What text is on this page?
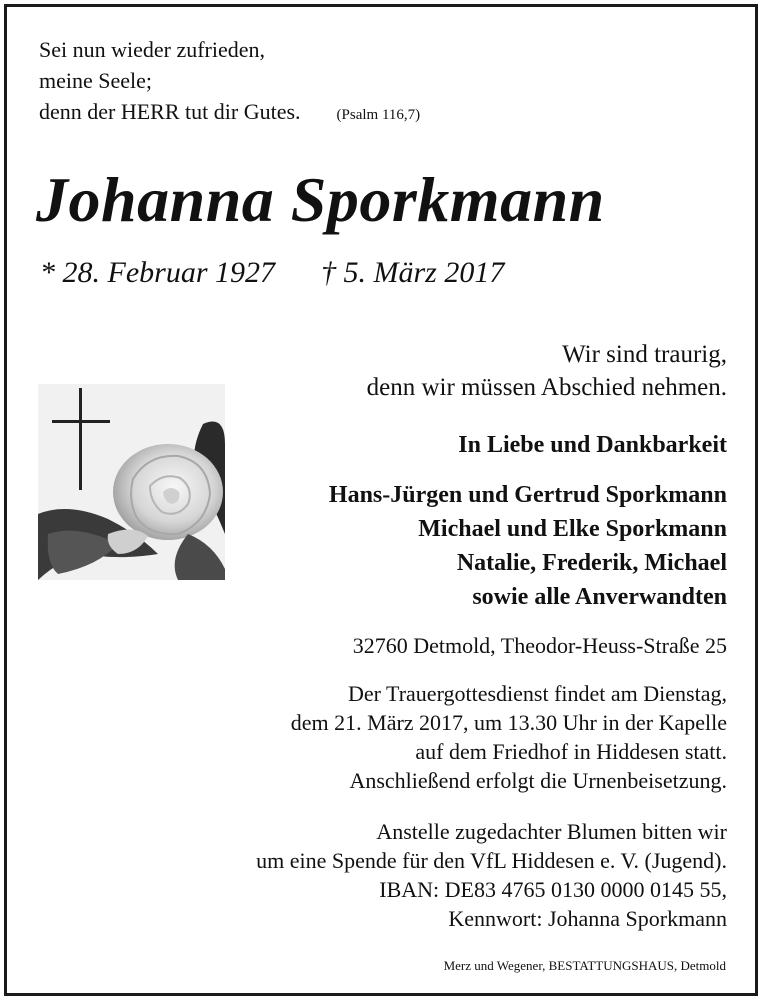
Sei nun wieder zufrieden,
meine Seele;
denn der HERR tut dir Gutes. (Psalm 116,7)
Johanna Sporkmann
* 28. Februar 1927 † 5. März 2017
Wir sind traurig,
denn wir müssen Abschied nehmen.
In Liebe und Dankbarkeit
Hans-Jürgen und Gertrud Sporkmann
Michael und Elke Sporkmann
Natalie, Frederik, Michael
sowie alle Anverwandten
32760 Detmold, Theodor-Heuss-Straße 25
Der Trauergottesdienst findet am Dienstag,
dem 21. März 2017, um 13.30 Uhr in der Kapelle
auf dem Friedhof in Hiddesen statt.
Anschließend erfolgt die Urnenbeisetzung.
Anstelle zugedachter Blumen bitten wir
um eine Spende für den VfL Hiddesen e. V. (Jugend).
IBAN: DE83 4765 0130 0000 0145 55,
Kennwort: Johanna Sporkmann
Merz und Wegener, BESTATTUNGSHAUS, Detmold
